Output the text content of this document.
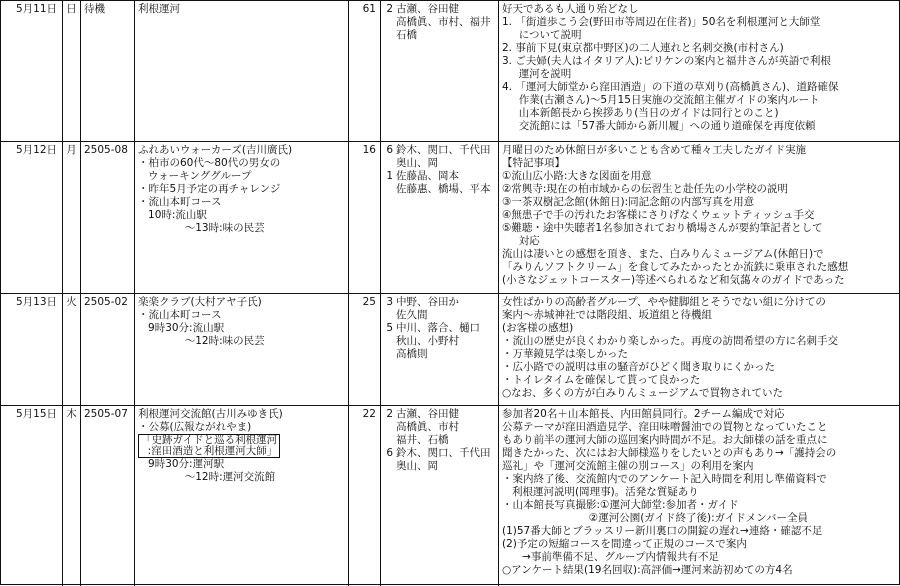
5月11日 日 待機	利根運河	61 2 古瀬、谷田健
高橋眞、市村、福井
石橋
好天であるも人通り殆どなし
1. 「街道歩こう会(野田市等周辺在住者)」50名を利根運河と大師堂
について説明
2. 事前下見(東京都中野区)の二人連れと名刺交換(市村さん)
3. ご夫婦(夫人はイタリア人):ビリケンの案内と福井さんが英語で利根
運河を説明
4. 「運河大師堂から窪田酒造」の下道の草刈り(高橋眞さん)、道路確保
作業(古瀬さん)～5月15日実施の交流館主催ガイドの案内ルート
山本新館長から挨拶あり(当日のガイドは同行とのこと)
交流館には「57番大師から新川履」への通り道確保を再度依頼
5月12日 月 2505-08 ふれあいウォーカーズ(吉川廣氏)
・柏市の60代～80代の男女の
ウォーキンググループ
・昨年5月予定の再チャレンジ
・流山本町コース
10時:流山駅
～13時:味の民芸
16 6 鈴木、関口、千代田
奥山、岡
1 佐藤晶、岡本
佐藤惠、橋場、平本
月曜日のため休館日が多いことも含めて種々工夫したガイド実施
【特記事項】
①流山広小路:大きな図面を用意
②常興寺:現在の柏市域からの伝習生と赴任先の小学校の説明
③一茶双樹記念館(休館日):同記念館の内部写真を用意
④無患子で手の汚れたお客様にさりげなくウェットティッシュ手交
⑤難聴・途中失聴者1名参加されており橋場さんが要約筆記者として
対応
流山は凄いとの感想を頂き、また、白みりんミュージアム(休館日)で
「みりんソフトクリーム」を食してみたかったとか流鉄に乗車された感想
(小さなジェットコースター)等述べられるなど和気藹々のガイドであった
5月13日 火 2505-02 楽楽クラブ(大村アヤ子氏)
・流山本町コース
9時30分:流山駅
～12時:味の民芸
25 3 中野、谷田か
佐久間
5 中川、落合、樋口
秋山、小野村
高橋則
女性ばかりの高齢者グループ、やや健脚組とそうでない組に分けての
案内～赤城神社では階段組、坂道組と待機組
(お客様の感想)
・流山の歴史が良くわかり楽しかった。再度の訪問希望の方に名刺手交
・万華鏡見学は楽しかった
・広小路での説明は車の騒音がひどく聞き取りにくかった
・トイレタイムを確保して貰って良かった
○なお、多くの方が白みりんミュージアムで買物されていた
5月15日 木 2505-07 利根運河交流館(古川みゆき氏)
・公募(広報ながれやま)
「史跡ガイドと巡る利根運河
:窪田酒造と利根運河大師」
9時30分:運河駅
～12時:運河交流館
22 2 古瀬、谷田健
高橋眞、市村
福井、石橋
6 鈴木、関口、千代田
奥山、岡
参加者20名＋山本館長、内田館員同行。2チーム編成で対応
公募テーマが窪田酒造見学、窪田味噌醤油での買物となっていたこと
もあり前半の運河大師の巡回案内時間が不足。お大師様の話を重点に
聞きたかった、次にはお大師様巡りをしたいとの声もあり→「護持会の
巡礼」や「運河交流館主催の別コース」の利用を案内
・案内終了後、交流館内でのアンケート記入時間を利用し準備資料で
利根運河説明(岡理事)。活発な質疑あり
・山本館長写真撮影:①運河大師堂:参加者・ガイド
②運河公園(ガイド終了後):ガイドメンバー全員
(1)57番大師とブラッスリー新川裏口の開錠の遅れ→連絡・確認不足
(2)予定の短縮コースを間違って正規のコースで案内
→事前準備不足、グループ内情報共有不足
○アンケート結果(19名回収):高評価→運河来訪初めての方4名
